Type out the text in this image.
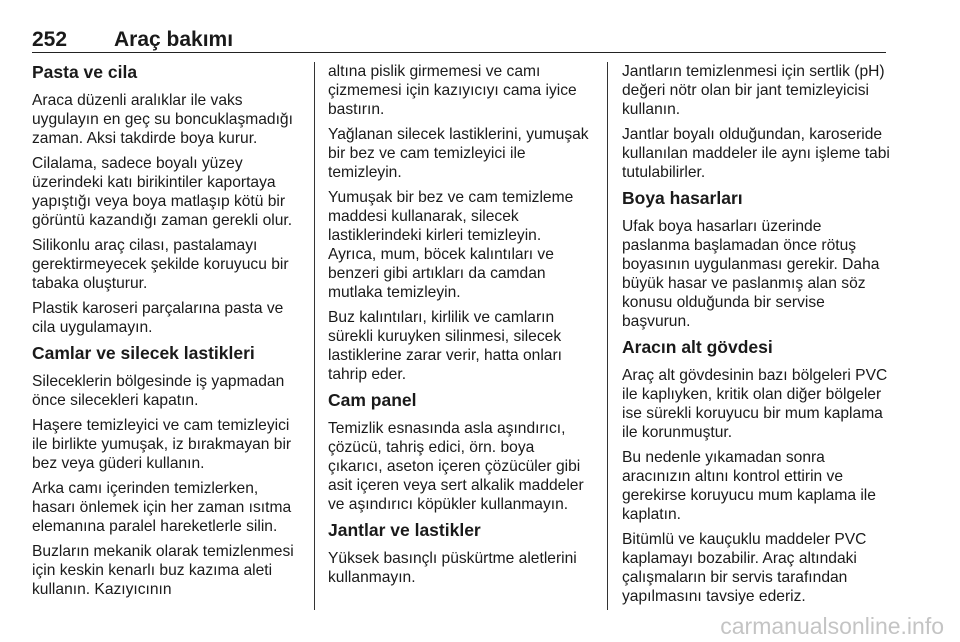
252 Araç bakımı
Pasta ve cila

Araca düzenli aralıklar ile vaks uygulayın en geç su boncuklaşmadığı zaman. Aksi takdirde boya kurur.

Cilalama, sadece boyalı yüzey üzerindeki katı birikintiler kaportaya yapıştığı veya boya matlaşıp kötü bir görüntü kazandığı zaman gerekli olur.

Silikonlu araç cilası, pastalamayı gerektirmeyecek şekilde koruyucu bir tabaka oluşturur.

Plastik karoseri parçalarına pasta ve cila uygulamayın.

Camlar ve silecek lastikleri

Sileceklerin bölgesinde iş yapmadan önce silecekleri kapatın.

Haşere temizleyici ve cam temizleyici ile birlikte yumuşak, iz bırakmayan bir bez veya güderi kullanın.

Arka camı içerinden temizlerken, hasarı önlemek için her zaman ısıtma elemanına paralel hareketlerle silin.

Buzların mekanik olarak temizlenmesi için keskin kenarlı buz kazıma aleti kullanın. Kazıyıcının

altına pislik girmemesi ve camı çizmemesi için kazıyıcıyı cama iyice bastırın.

Yağlanan silecek lastiklerini, yumuşak bir bez ve cam temizleyici ile temizleyin.

Yumuşak bir bez ve cam temizleme maddesi kullanarak, silecek lastiklerindeki kirleri temizleyin. Ayrıca, mum, böcek kalıntıları ve benzeri gibi artıkları da camdan mutlaka temizleyin.

Buz kalıntıları, kirlilik ve camların sürekli kuruyken silinmesi, silecek lastiklerine zarar verir, hatta onları tahrip eder.

Cam panel

Temizlik esnasında asla aşındırıcı, çözücü, tahriş edici, örn. boya çıkarıcı, aseton içeren çözücüler gibi asit içeren veya sert alkalik maddeler ve aşındırıcı köpükler kullanmayın.

Jantlar ve lastikler

Yüksek basınçlı püskürtme aletlerini kullanmayın.

Jantların temizlenmesi için sertlik (pH) değeri nötr olan bir jant temizleyicisi kullanın.

Jantlar boyalı olduğundan, karoseride kullanılan maddeler ile aynı işleme tabi tutulabilirler.

Boya hasarları

Ufak boya hasarları üzerinde paslanma başlamadan önce rötuş boyasının uygulanması gerekir. Daha büyük hasar ve paslanmış alan söz konusu olduğunda bir servise başvurun.

Aracın alt gövdesi

Araç alt gövdesinin bazı bölgeleri PVC ile kaplıyken, kritik olan diğer bölgeler ise sürekli koruyucu bir mum kaplama ile korunmuştur.

Bu nedenle yıkamadan sonra aracınızın altını kontrol ettirin ve gerekirse koruyucu mum kaplama ile kaplatın.

Bitümlü ve kauçuklu maddeler PVC kaplamayı bozabilir. Araç altındaki çalışmaların bir servis tarafından yapılmasını tavsiye ederiz.

carmanualsonline.info
